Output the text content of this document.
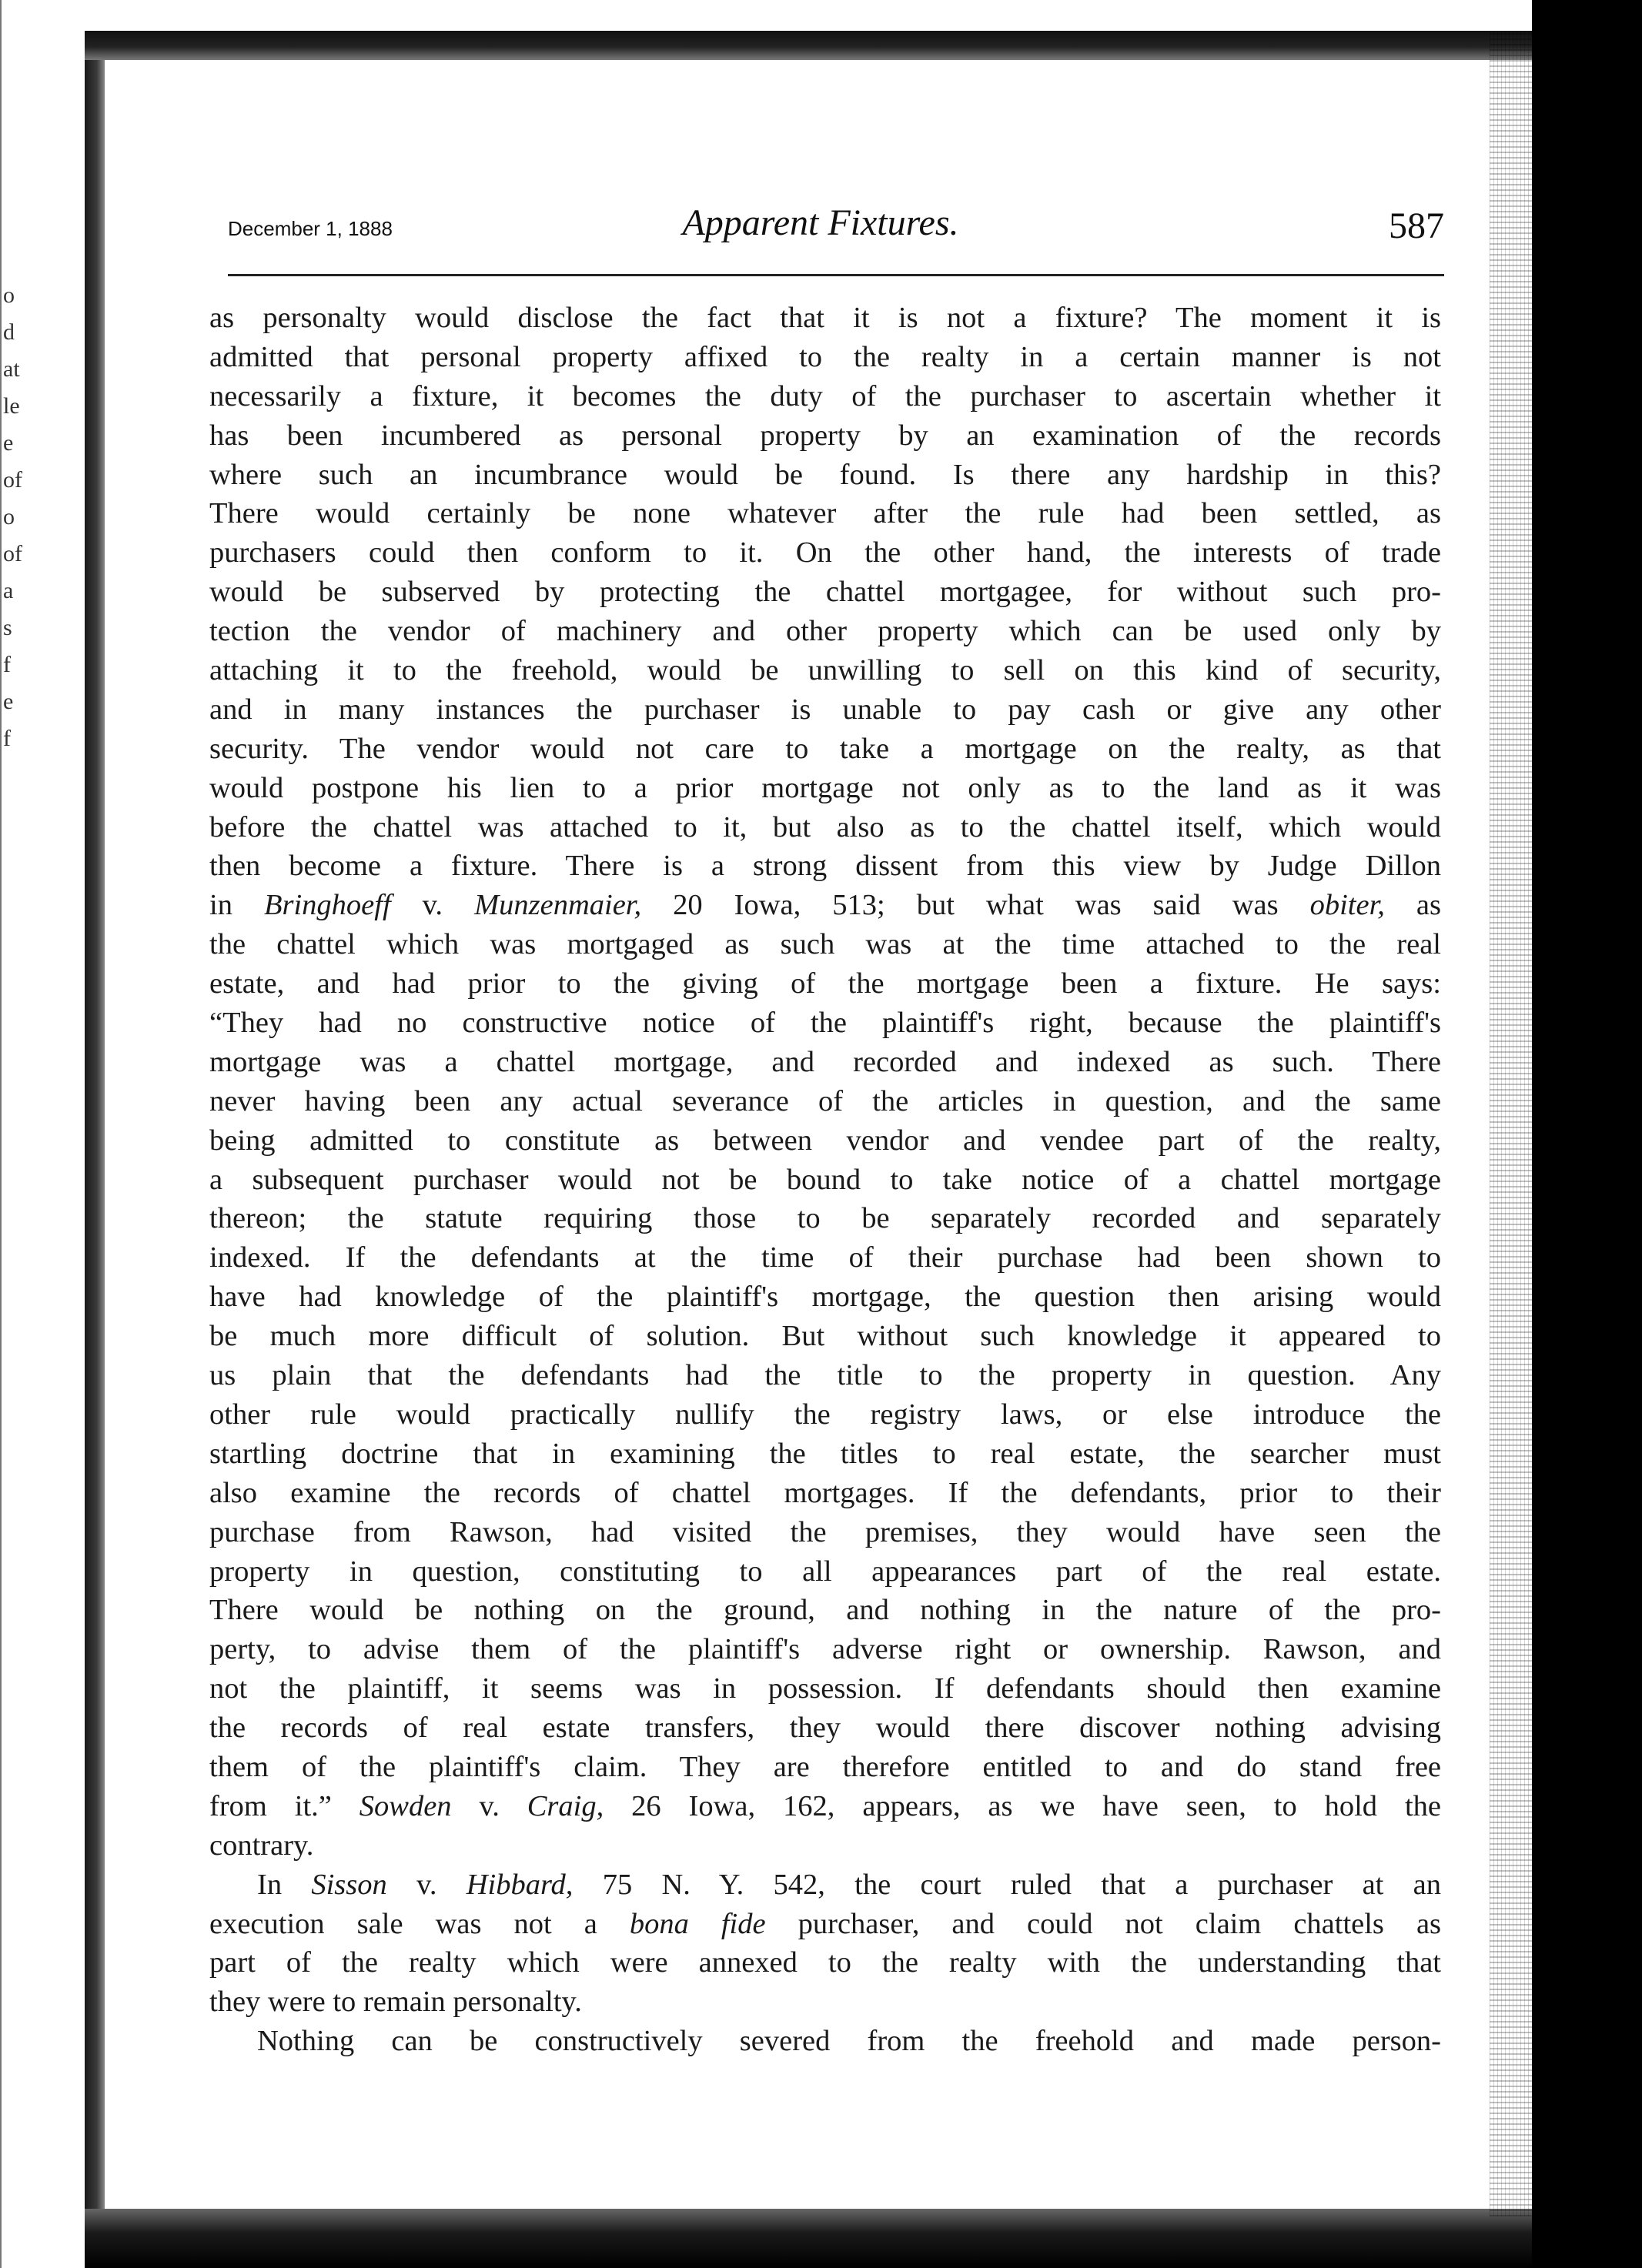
o
d
at
le
e
of
o
of
a
s
f
e
f
December 1, 1888	Apparent Fixtures.	587
as personalty would disclose the fact that it is not a fixture? The moment it is
admitted that personal property affixed to the realty in a certain manner is not
necessarily a fixture, it becomes the duty of the purchaser to ascertain whether it
has been incumbered as personal property by an examination of the records
where such an incumbrance would be found. Is there any hardship in this?
There would certainly be none whatever after the rule had been settled, as
purchasers could then conform to it. On the other hand, the interests of trade
would be subserved by protecting the chattel mortgagee, for without such pro-
tection the vendor of machinery and other property which can be used only by
attaching it to the freehold, would be unwilling to sell on this kind of security,
and in many instances the purchaser is unable to pay cash or give any other
security. The vendor would not care to take a mortgage on the realty, as that
would postpone his lien to a prior mortgage not only as to the land as it was
before the chattel was attached to it, but also as to the chattel itself, which would
then become a fixture. There is a strong dissent from this view by Judge Dillon
in Bringhoeff v. Munzenmaier, 20 Iowa, 513; but what was said was obiter, as
the chattel which was mortgaged as such was at the time attached to the real
estate, and had prior to the giving of the mortgage been a fixture. He says:
“They had no constructive notice of the plaintiff's right, because the plaintiff's
mortgage was a chattel mortgage, and recorded and indexed as such. There
never having been any actual severance of the articles in question, and the same
being admitted to constitute as between vendor and vendee part of the realty,
a subsequent purchaser would not be bound to take notice of a chattel mortgage
thereon; the statute requiring those to be separately recorded and separately
indexed. If the defendants at the time of their purchase had been shown to
have had knowledge of the plaintiff's mortgage, the question then arising would
be much more difficult of solution. But without such knowledge it appeared to
us plain that the defendants had the title to the property in question. Any
other rule would practically nullify the registry laws, or else introduce the
startling doctrine that in examining the titles to real estate, the searcher must
also examine the records of chattel mortgages. If the defendants, prior to their
purchase from Rawson, had visited the premises, they would have seen the
property in question, constituting to all appearances part of the real estate.
There would be nothing on the ground, and nothing in the nature of the pro-
perty, to advise them of the plaintiff's adverse right or ownership. Rawson, and
not the plaintiff, it seems was in possession. If defendants should then examine
the records of real estate transfers, they would there discover nothing advising
them of the plaintiff's claim. They are therefore entitled to and do stand free
from it.” Sowden v. Craig, 26 Iowa, 162, appears, as we have seen, to hold the
contrary.
In Sisson v. Hibbard, 75 N. Y. 542, the court ruled that a purchaser at an
execution sale was not a bona fide purchaser, and could not claim chattels as
part of the realty which were annexed to the realty with the understanding that
they were to remain personalty.
Nothing can be constructively severed from the freehold and made person-
